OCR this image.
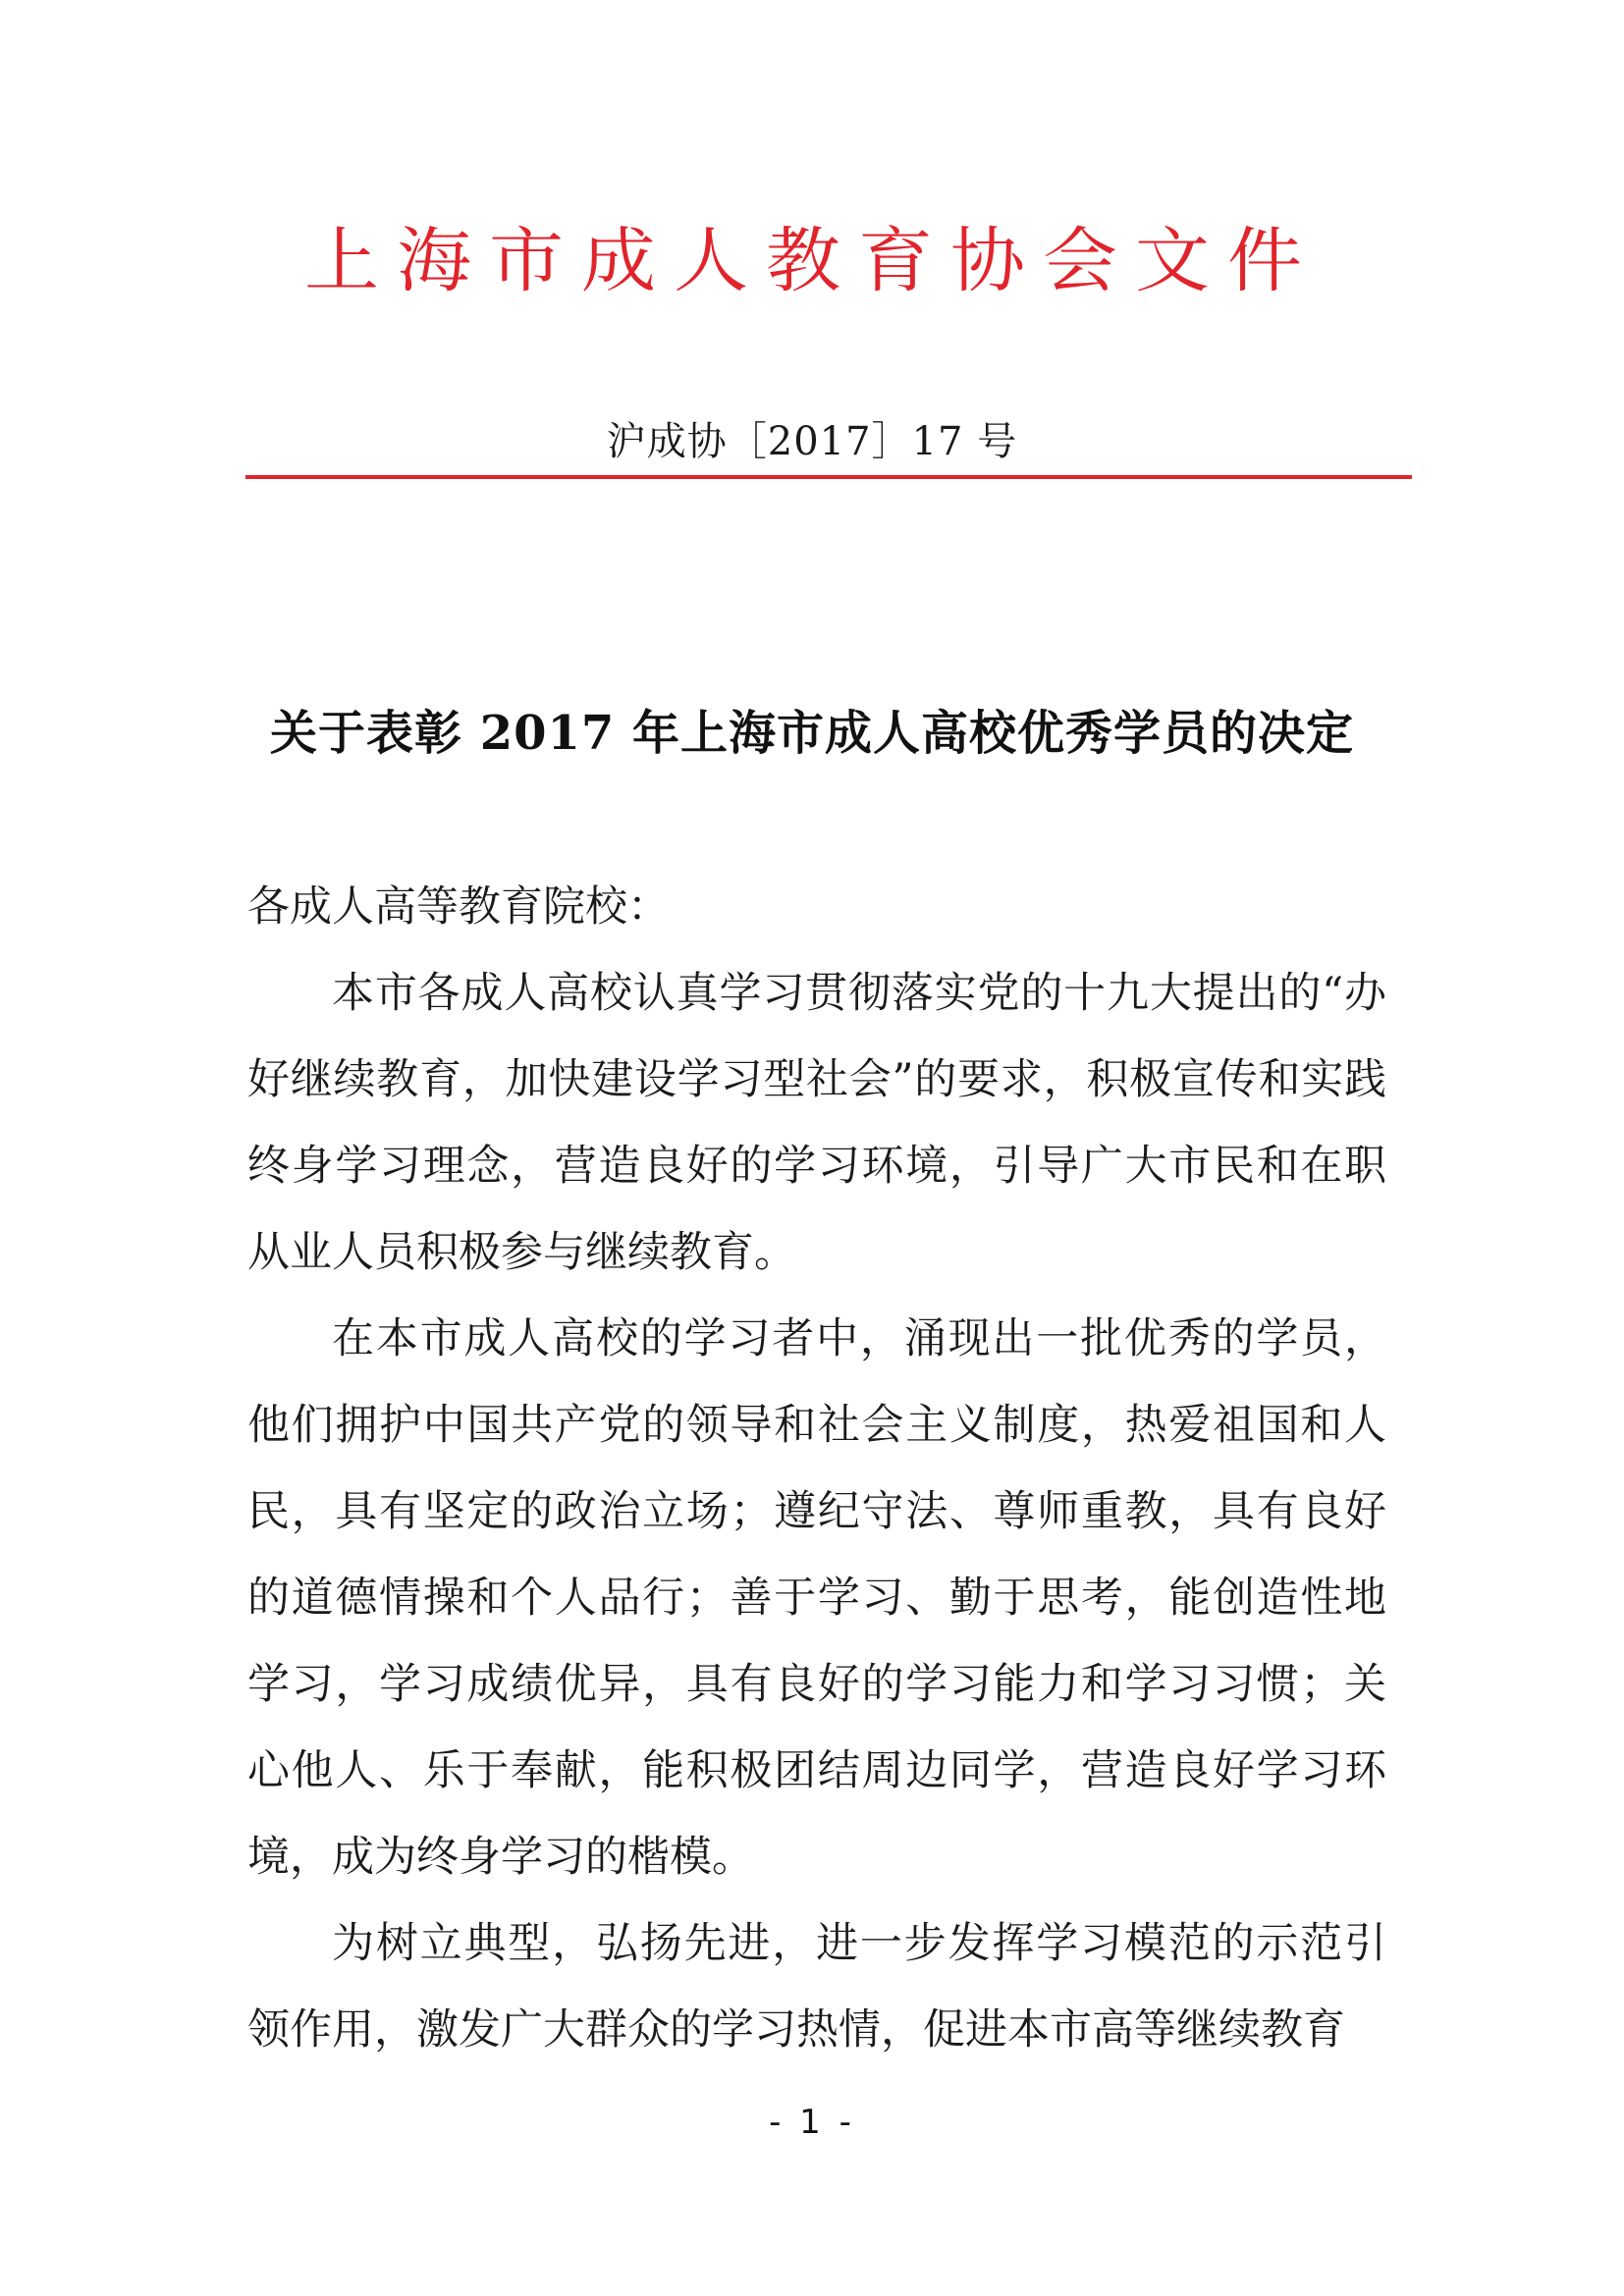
上海市成人教育协会文件
沪成协［2017］17 号
关于表彰 2017 年上海市成人高校优秀学员的决定

各成人高等教育院校：

本市各成人高校认真学习贯彻落实党的十九大提出的“办好继续教育，加快建设学习型社会”的要求，积极宣传和实践终身学习理念，营造良好的学习环境，引导广大市民和在职从业人员积极参与继续教育。

在本市成人高校的学习者中，涌现出一批优秀的学员，他们拥护中国共产党的领导和社会主义制度，热爱祖国和人民，具有坚定的政治立场；遵纪守法、尊师重教，具有良好的道德情操和个人品行；善于学习、勤于思考，能创造性地学习，学习成绩优异，具有良好的学习能力和学习习惯；关心他人、乐于奉献，能积极团结周边同学，营造良好学习环境，成为终身学习的楷模。

为树立典型，弘扬先进，进一步发挥学习模范的示范引领作用，激发广大群众的学习热情，促进本市高等继续教育

- 1 -
